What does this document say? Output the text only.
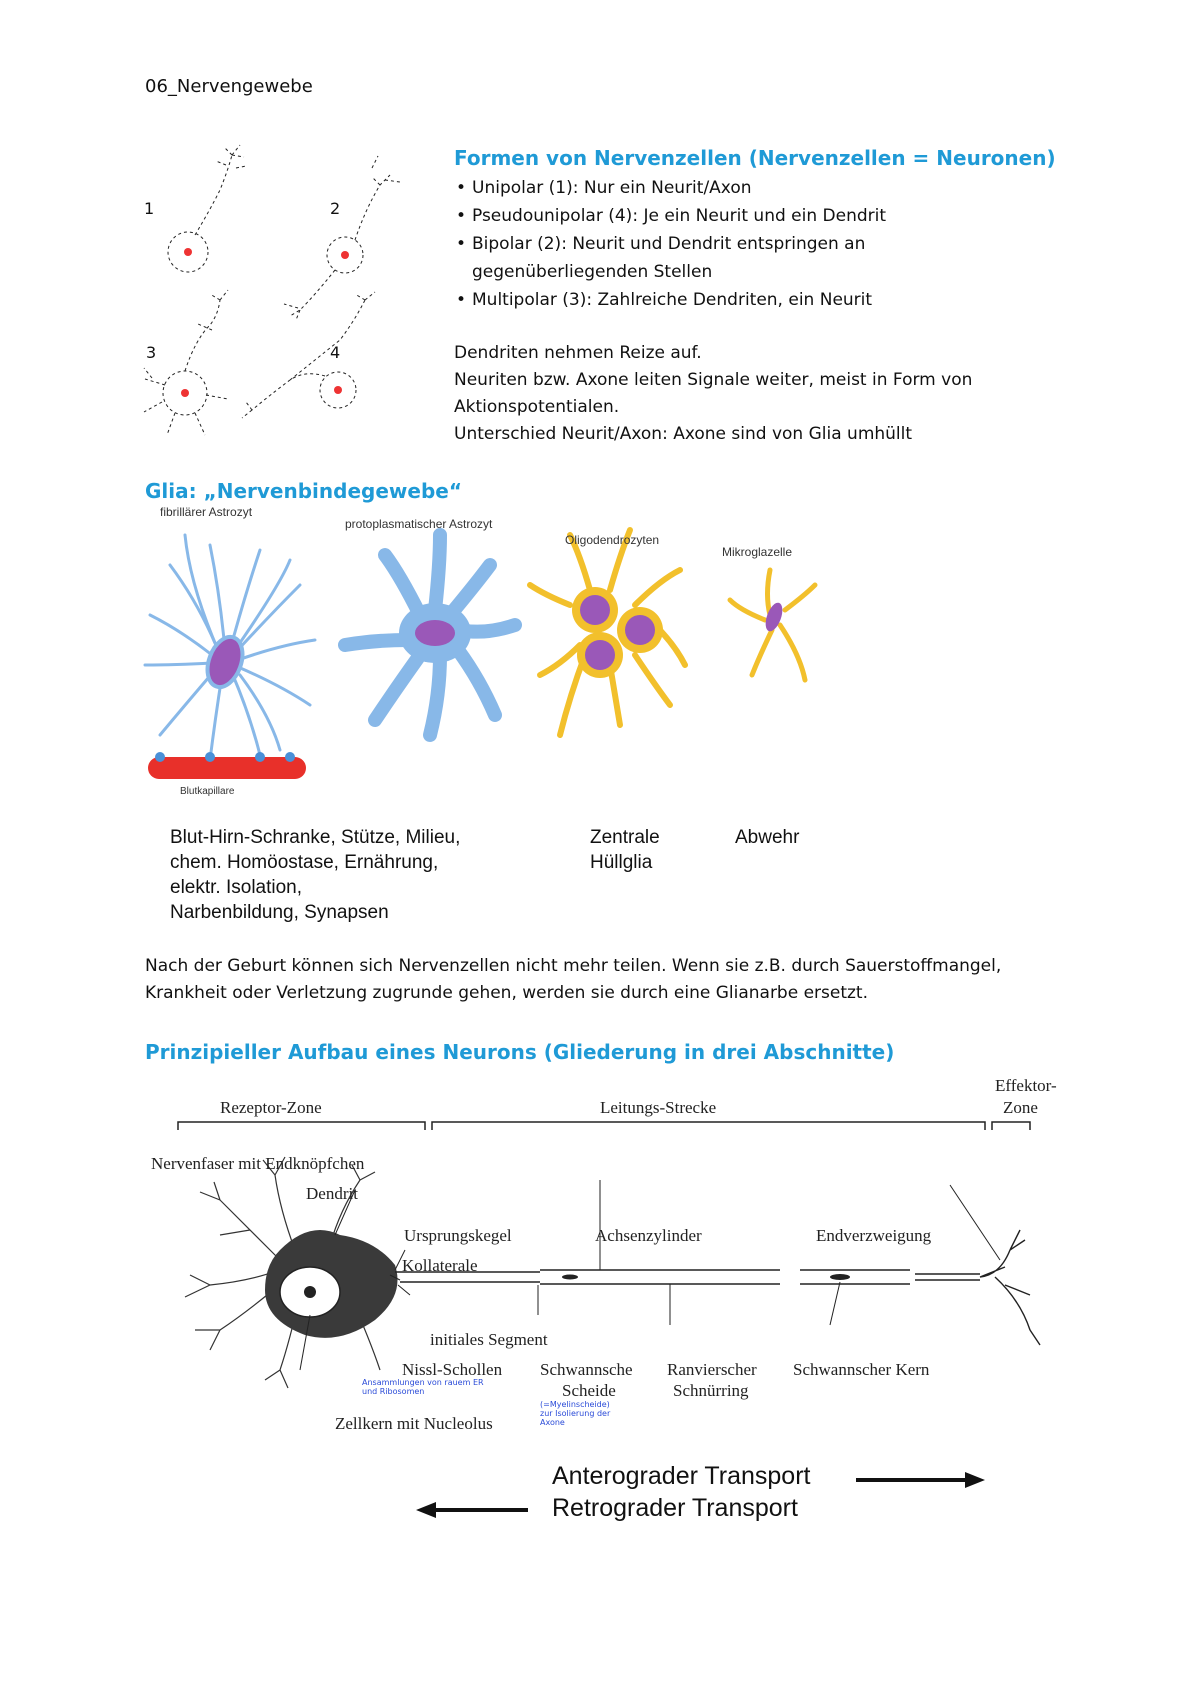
06_Nervengewebe
1	2
3	4
Formen von Nervenzellen (Nervenzellen = Neuronen)
• Unipolar (1): Nur ein Neurit/Axon
• Pseudounipolar (4): Je ein Neurit und ein Dendrit
• Bipolar (2): Neurit und Dendrit entspringen an gegenüberliegenden Stellen
• Multipolar (3): Zahlreiche Dendriten, ein Neurit
Dendriten nehmen Reize auf.
Neuriten bzw. Axone leiten Signale weiter, meist in Form von Aktionspotentialen.
Unterschied Neurit/Axon: Axone sind von Glia umhüllt
Glia: „Nervenbindegewebe“
fibrillärer Astrozyt
protoplasmatischer Astrozyt
Oligodendrozyten
Mikroglazelle
Blutkapillare
Blut-Hirn-Schranke, Stütze, Milieu,
chem. Homöostase, Ernährung,
elektr. Isolation,
Narbenbildung, Synapsen
Zentrale
Hüllglia
Abwehr
Nach der Geburt können sich Nervenzellen nicht mehr teilen. Wenn sie z.B. durch Sauerstoffmangel, Krankheit oder Verletzung zugrunde gehen, werden sie durch eine Glianarbe ersetzt.
Prinzipieller Aufbau eines Neurons (Gliederung in drei Abschnitte)
Rezeptor-Zone	Leitungs-Strecke
Effektor-
Zone
Nervenfaser mit Endknöpfchen
Dendrit
Ursprungskegel	Achsenzylinder	Endverzweigung
Kollaterale
initiales Segment
Nissl-Schollen Schwannsche
Scheide
Ranvierscher
Schnürring
Schwannscher Kern
Zellkern mit Nucleolus
Ansammlungen von rauem ER
und Ribosomen
(=Myelinscheide)
zur Isolierung der
Axone
Anterograder Transport
Retrograder Transport
